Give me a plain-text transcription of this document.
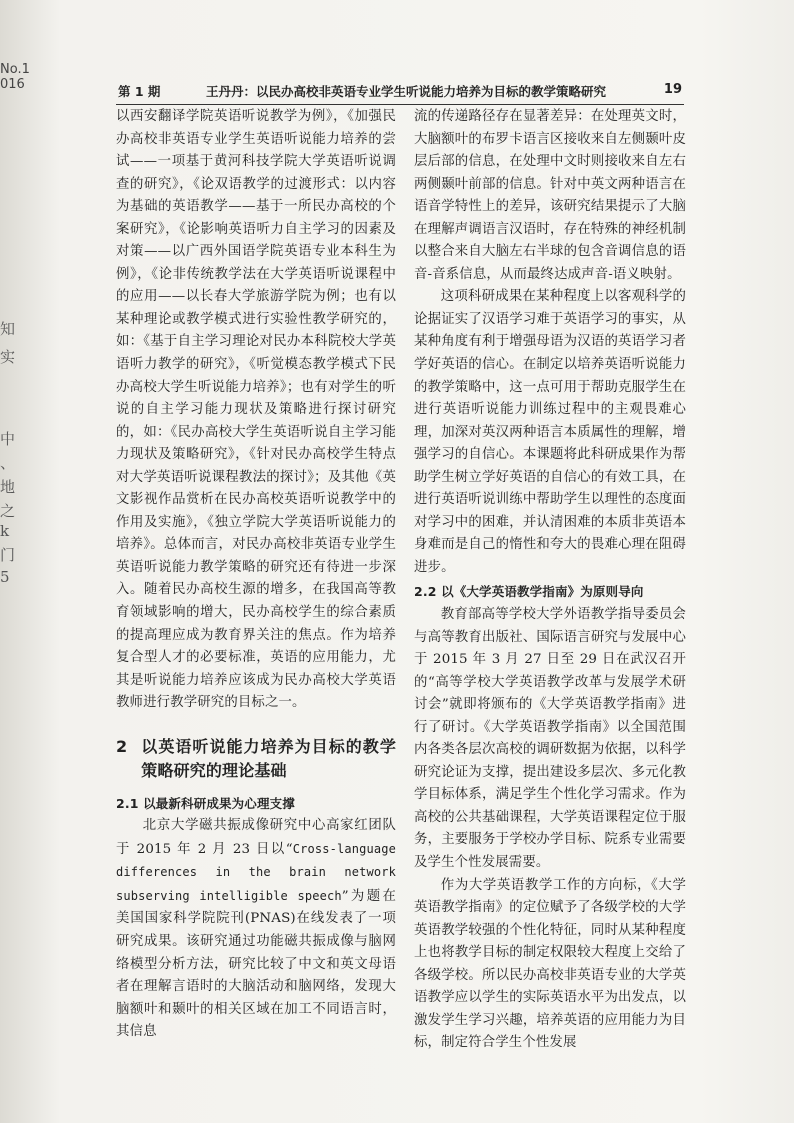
No.1
016
知
实
中
、
地
之
k
门
5
第 1 期	王丹丹：以民办高校非英语专业学生听说能力培养为目标的教学策略研究	19

以西安翻译学院英语听说教学为例》，《加强民办高校非英语专业学生英语听说能力培养的尝试——一项基于黄河科技学院大学英语听说调查的研究》，《论双语教学的过渡形式：以内容为基础的英语教学——基于一所民办高校的个案研究》，《论影响英语听力自主学习的因素及对策——以广西外国语学院英语专业本科生为例》，《论非传统教学法在大学英语听说课程中的应用——以长春大学旅游学院为例；也有以某种理论或教学模式进行实验性教学研究的，如：《基于自主学习理论对民办本科院校大学英语听力教学的研究》，《听觉模态教学模式下民办高校大学生听说能力培养》；也有对学生的听说的自主学习能力现状及策略进行探讨研究的，如：《民办高校大学生英语听说自主学习能力现状及策略研究》，《针对民办高校学生特点对大学英语听说课程教法的探讨》；及其他《英文影视作品赏析在民办高校英语听说教学中的作用及实施》，《独立学院大学英语听说能力的培养》。总体而言，对民办高校非英语专业学生英语听说能力教学策略的研究还有待进一步深入。随着民办高校生源的增多，在我国高等教育领域影响的增大，民办高校学生的综合素质的提高理应成为教育界关注的焦点。作为培养复合型人才的必要标准，英语的应用能力，尤其是听说能力培养应该成为民办高校大学英语教师进行教学研究的目标之一。

2 以英语听说能力培养为目标的教学策略研究的理论基础
2.1 以最新科研成果为心理支撑

北京大学磁共振成像研究中心高家红团队于 2015 年 2 月 23 日以“Cross-language differences in the brain network subserving intelligible speech”为题在美国国家科学院院刊(PNAS)在线发表了一项研究成果。该研究通过功能磁共振成像与脑网络模型分析方法，研究比较了中文和英文母语者在理解言语时的大脑活动和脑网络，发现大脑额叶和颞叶的相关区域在加工不同语言时，其信息

流的传递路径存在显著差异：在处理英文时，大脑额叶的布罗卡语言区接收来自左侧颞叶皮层后部的信息，在处理中文时则接收来自左右两侧颞叶前部的信息。针对中英文两种语言在语音学特性上的差异，该研究结果提示了大脑在理解声调语言汉语时，存在特殊的神经机制以整合来自大脑左右半球的包含音调信息的语音-音系信息，从而最终达成声音-语义映射。

这项科研成果在某种程度上以客观科学的论据证实了汉语学习难于英语学习的事实，从某种角度有利于增强母语为汉语的英语学习者学好英语的信心。在制定以培养英语听说能力的教学策略中，这一点可用于帮助克服学生在进行英语听说能力训练过程中的主观畏难心理，加深对英汉两种语言本质属性的理解，增强学习的自信心。本课题将此科研成果作为帮助学生树立学好英语的自信心的有效工具，在进行英语听说训练中帮助学生以理性的态度面对学习中的困难，并认清困难的本质非英语本身难而是自己的惰性和夸大的畏难心理在阻碍进步。

2.2 以《大学英语教学指南》为原则导向

教育部高等学校大学外语教学指导委员会与高等教育出版社、国际语言研究与发展中心于 2015 年 3 月 27 日至 29 日在武汉召开的“高等学校大学英语教学改革与发展学术研讨会”就即将颁布的《大学英语教学指南》进行了研讨。《大学英语教学指南》以全国范围内各类各层次高校的调研数据为依据，以科学研究论证为支撑，提出建设多层次、多元化教学目标体系，满足学生个性化学习需求。作为高校的公共基础课程，大学英语课程定位于服务，主要服务于学校办学目标、院系专业需要及学生个性发展需要。

作为大学英语教学工作的方向标，《大学英语教学指南》的定位赋予了各级学校的大学英语教学较强的个性化特征，同时从某种程度上也将教学目标的制定权限较大程度上交给了各级学校。所以民办高校非英语专业的大学英语教学应以学生的实际英语水平为出发点，以激发学生学习兴趣，培养英语的应用能力为目标，制定符合学生个性发展
